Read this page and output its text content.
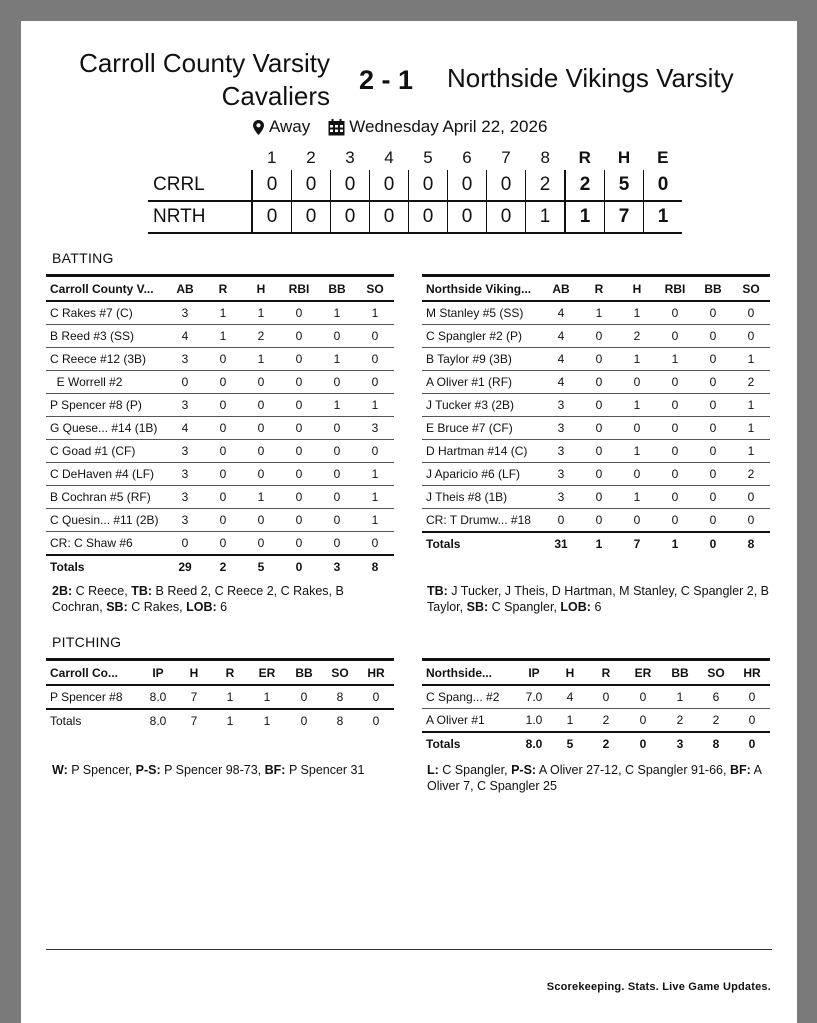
Carroll County Varsity
Cavaliers
2 - 1 Northside Vikings Varsity
Away Wednesday April 22, 2026
	1	2	3	4	5	6	7	8	R	H	E
CRRL	0	0	0	0	0	0	0	2	2	5	0
NRTH	0	0	0	0	0	0	0	1	1	7	1
BATTING
Carroll County V...	AB	R	H	RBI	BB	SO
C Rakes #7 (C)	3	1	1	0	1	1
B Reed #3 (SS)	4	1	2	0	0	0
C Reece #12 (3B)	3	0	1	0	1	0
E Worrell #2	0	0	0	0	0	0
P Spencer #8 (P)	3	0	0	0	1	1
G Quese... #14 (1B)	4	0	0	0	0	3
C Goad #1 (CF)	3	0	0	0	0	0
C DeHaven #4 (LF)	3	0	0	0	0	1
B Cochran #5 (RF)	3	0	1	0	0	1
C Quesin... #11 (2B)	3	0	0	0	0	1
CR: C Shaw #6	0	0	0	0	0	0
Totals	29	2	5	0	3	8
Northside Viking...	AB	R	H	RBI	BB	SO
M Stanley #5 (SS)	4	1	1	0	0	0
C Spangler #2 (P)	4	0	2	0	0	0
B Taylor #9 (3B)	4	0	1	1	0	1
A Oliver #1 (RF)	4	0	0	0	0	2
J Tucker #3 (2B)	3	0	1	0	0	1
E Bruce #7 (CF)	3	0	0	0	0	1
D Hartman #14 (C)	3	0	1	0	0	1
J Aparicio #6 (LF)	3	0	0	0	0	2
J Theis #8 (1B)	3	0	1	0	0	0
CR: T Drumw... #18	0	0	0	0	0	0
Totals	31	1	7	1	0	8
2B: C Reece, TB: B Reed 2, C Reece 2, C Rakes, B Cochran, SB: C Rakes, LOB: 6
TB: J Tucker, J Theis, D Hartman, M Stanley, C Spangler 2, B Taylor, SB: C Spangler, LOB: 6
PITCHING
Carroll Co...	IP	H	R	ER	BB	SO	HR
P Spencer #8	8.0	7	1	1	0	8	0
Totals	8.0	7	1	1	0	8	0
Northside...	IP	H	R	ER	BB	SO	HR
C Spang... #2	7.0	4	0	0	1	6	0
A Oliver #1	1.0	1	2	0	2	2	0
Totals	8.0	5	2	0	3	8	0
W: P Spencer, P-S: P Spencer 98-73, BF: P Spencer 31	L: C Spangler, P-S: A Oliver 27-12, C Spangler 91-66, BF: A Oliver 7, C Spangler 25
Scorekeeping. Stats. Live Game Updates.
